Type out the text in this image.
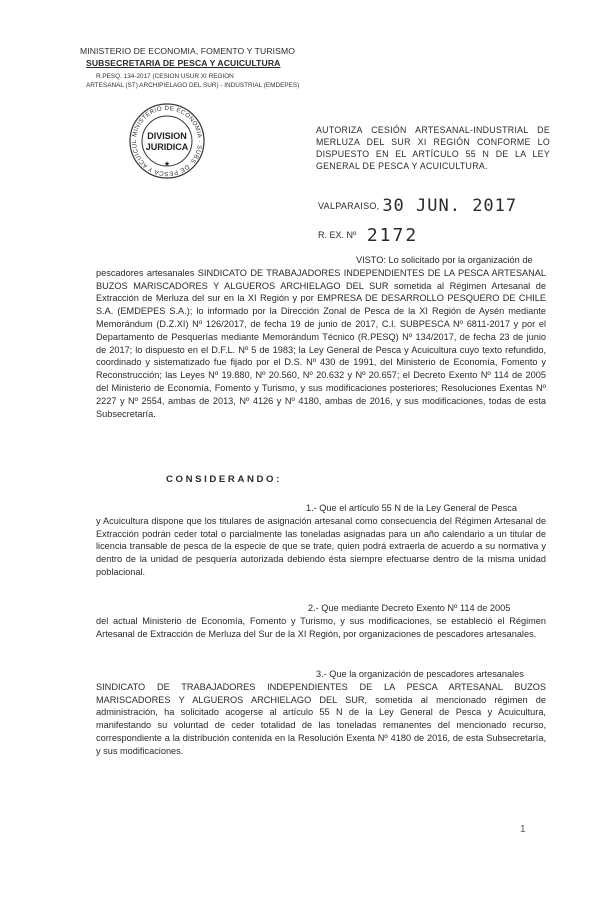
MINISTERIO DE ECONOMIA, FOMENTO Y TURISMO
SUBSECRETARIA DE PESCA Y ACUICULTURA
R.PESQ. 134-2017 (CESION USUR XI REGION
ARTESANAL (ST) ARCHIPIELAGO DEL SUR) - INDUSTRIAL (EMDEPES)
MINISTERIO DE ECONOMIA · SUBS. DE PESCA Y ACUICUL
DIVISION
JURIDICA
★
AUTORIZA CESIÓN ARTESANAL-INDUSTRIAL DE MERLUZA DEL SUR XI REGIÓN CONFORME LO DISPUESTO EN EL ARTÍCULO 55 N DE LA LEY GENERAL DE PESCA Y ACUICULTURA.
VALPARAISO, 30 JUN. 2017
R. EX. Nº 2172
VISTO: Lo solicitado por la organización de
pescadores artesanales SINDICATO DE TRABAJADORES INDEPENDIENTES DE LA PESCA ARTESANAL BUZOS MARISCADORES Y ALGUEROS ARCHIELAGO DEL SUR sometida al Régimen Artesanal de Extracción de Merluza del sur en la XI Región y por EMPRESA DE DESARROLLO PESQUERO DE CHILE S.A. (EMDEPES S.A.); lo informado por la Dirección Zonal de Pesca de la XI Región de Aysén mediante Memorándum (D.Z.XI) Nº 126/2017, de fecha 19 de junio de 2017, C.I. SUBPESCA Nº 6811-2017 y por el Departamento de Pesquerías mediante Memorándum Técnico (R.PESQ) Nº 134/2017, de fecha 23 de junio de 2017; lo dispuesto en el D.F.L. Nº 5 de 1983; la Ley General de Pesca y Acuicultura cuyo texto refundido, coordinado y sistematizado fue fijado por el D.S. Nº 430 de 1991, del Ministerio de Economía, Fomento y Reconstrucción; las Leyes Nº 19.880, Nº 20.560, Nº 20.632 y Nº 20.657; el Decreto Exento Nº 114 de 2005 del Ministerio de Economía, Fomento y Turismo, y sus modificaciones posteriores; Resoluciones Exentas Nº 2227 y Nº 2554, ambas de 2013, Nº 4126 y Nº 4180, ambas de 2016, y sus modificaciones, todas de esta Subsecretaría.
CONSIDERANDO:
1.- Que el artículo 55 N de la Ley General de Pesca
y Acuicultura dispone que los titulares de asignación artesanal como consecuencia del Régimen Artesanal de Extracción podrán ceder total o parcialmente las toneladas asignadas para un año calendario a un titular de licencia transable de pesca de la especie de que se trate, quien podrá extraerla de acuerdo a su normativa y dentro de la unidad de pesquería autorizada debiendo ésta siempre efectuarse dentro de la misma unidad poblacional.
2.- Que mediante Decreto Exento Nº 114 de 2005
del actual Ministerio de Economía, Fomento y Turismo, y sus modificaciones, se estableció el Régimen Artesanal de Extracción de Merluza del Sur de la XI Región, por organizaciones de pescadores artesanales.
3.- Que la organización de pescadores artesanales
SINDICATO DE TRABAJADORES INDEPENDIENTES DE LA PESCA ARTESANAL BUZOS MARISCADORES Y ALGUEROS ARCHIELAGO DEL SUR, sometida al mencionado régimen de administración, ha solicitado acogerse al artículo 55 N de la Ley General de Pesca y Acuicultura, manifestando su voluntad de ceder totalidad de las toneladas remanentes del mencionado recurso, correspondiente a la distribución contenida en la Resolución Exenta Nº 4180 de 2016, de esta Subsecretaría, y sus modificaciones.
1
